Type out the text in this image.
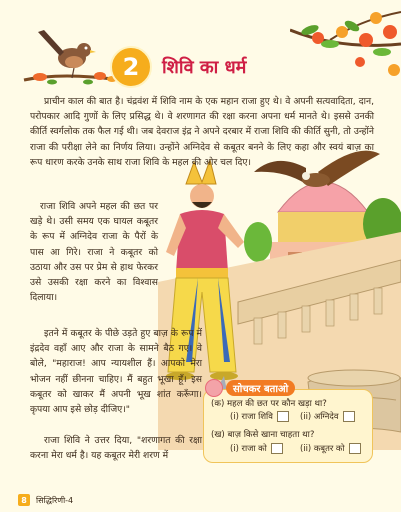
2	शिवि का धर्म
प्राचीन काल की बात है। चंद्रवंश में शिवि नाम के एक महान राजा हुए थे। वे अपनी सत्यवादिता, दान, परोपकार आदि गुणों के लिए प्रसिद्ध थे। वे शरणागत की रक्षा करना अपना धर्म मानते थे। इससे उनकी कीर्ति स्वर्गलोक तक फैल गई थी। जब देवराज इंद्र ने अपने दरबार में राजा शिवि की कीर्ति सुनी, तो उन्होंने राजा की परीक्षा लेने का निर्णय लिया। उन्होंने अग्निदेव से कबूतर बनने के लिए कहा और स्वयं बाज़ का रूप धारण करके उनके साथ राजा शिवि के महल की ओर चल दिए।
राजा शिवि अपने महल की छत पर खड़े थे। उसी समय एक घायल कबूतर के रूप में अग्निदेव राजा के पैरों के पास आ गिरे। राजा ने कबूतर को उठाया और उस पर प्रेम से हाथ फेरकर उसे उसकी रक्षा करने का विश्वास दिलाया।
इतने में कबूतर के पीछे उड़ते हुए बाज़ के रूप में इंद्रदेव वहाँ आए और राजा के सामने बैठ गए। वे बोले, "महाराज! आप न्यायशील हैं। आपको मेरा भोजन नहीं छीनना चाहिए। मैं बहुत भूखा हूँ। इस कबूतर को खाकर मैं अपनी भूख शांत करूँगा। कृपया आप इसे छोड़ दीजिए।"
राजा शिवि ने उत्तर दिया, "शरणागत की रक्षा करना मेरा धर्म है। यह कबूतर मेरी शरण में
सोचकर बताओ
(क) महल की छत पर कौन खड़ा था?
(i) राजा शिवि	(ii) अग्निदेव
(ख) बाज़ किसे खाना चाहता था?
(i) राजा को	(ii) कबूतर को
8	सिद्धिरिणी-4
